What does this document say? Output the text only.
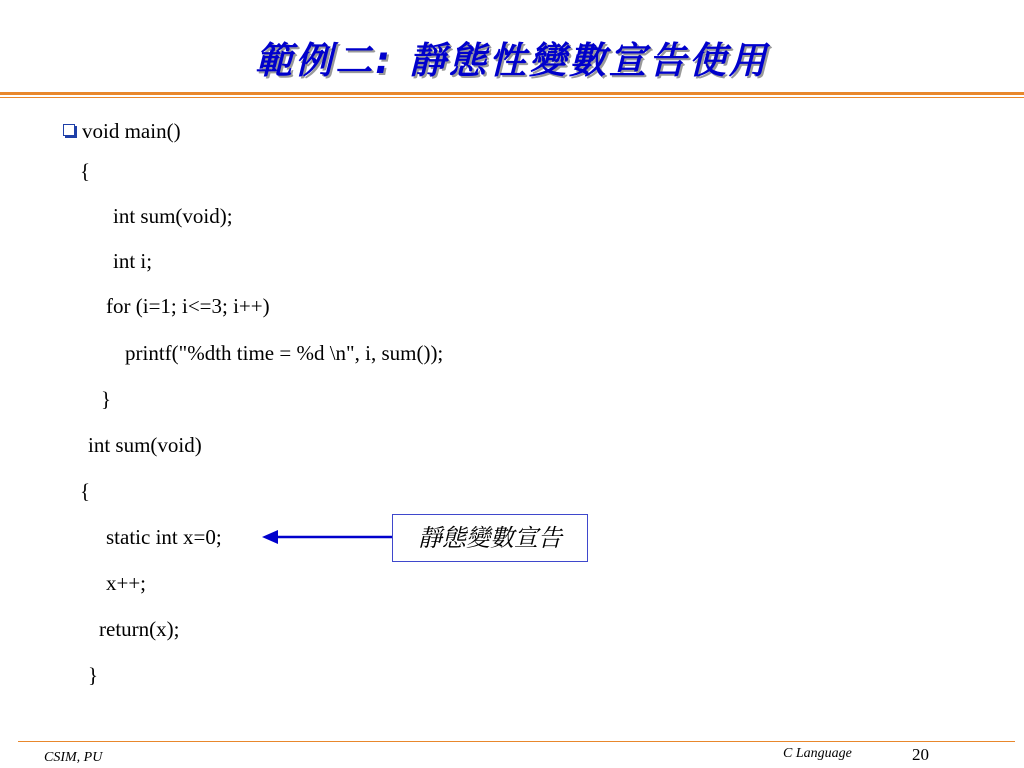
範例二: 靜態性變數宣告使用
void main()
{
int sum(void);
int i;
for (i=1; i<=3; i++)
printf("%dth time = %d \n", i, sum());
}
int sum(void)
{
static int x=0;
x++;
return(x);
}
靜態變數宣告
CSIM, PU	C Language	20
